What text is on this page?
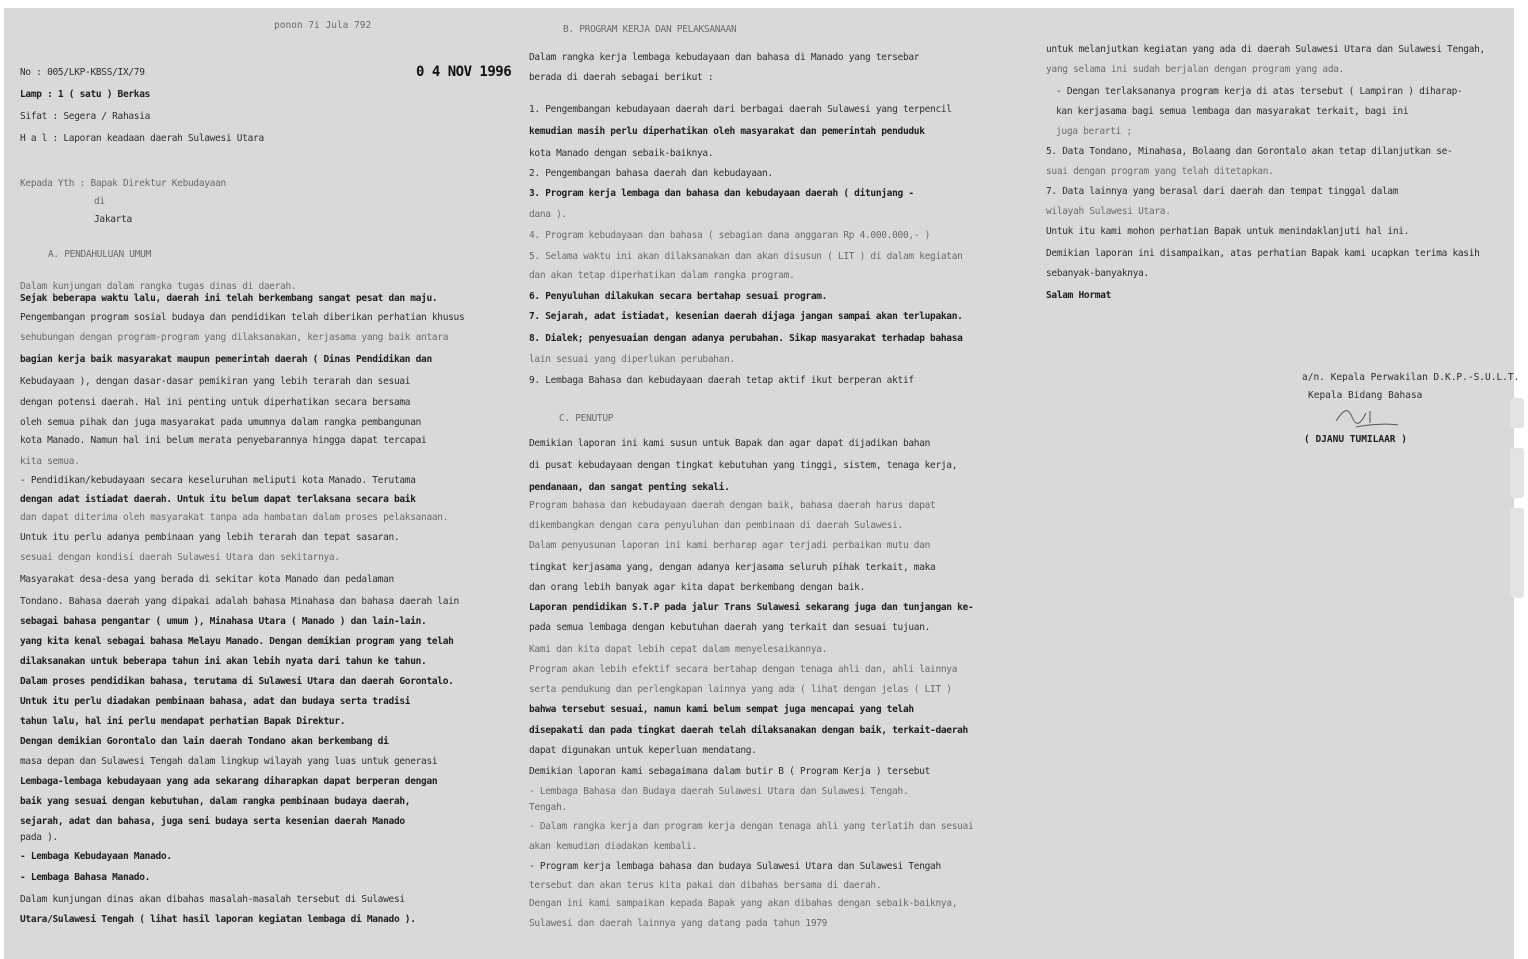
ponon 7i Jula 792
0 4 NOV 1996
No : 005/LKP-KBSS/IX/79
Lamp : 1 ( satu ) Berkas
Sifat : Segera / Rahasia
H a l : Laporan keadaan daerah Sulawesi Utara
Kepada Yth : Bapak Direktur Kebudayaan
di
Jakarta
A. PENDAHULUAN UMUM
Dalam kunjungan dalam rangka tugas dinas di daerah.
Sejak beberapa waktu lalu, daerah ini telah berkembang sangat pesat dan maju.
Pengembangan program sosial budaya dan pendidikan telah diberikan perhatian khusus
sehubungan dengan program-program yang dilaksanakan, kerjasama yang baik antara
bagian kerja baik masyarakat maupun pemerintah daerah ( Dinas Pendidikan dan
Kebudayaan ), dengan dasar-dasar pemikiran yang lebih terarah dan sesuai
dengan potensi daerah. Hal ini penting untuk diperhatikan secara bersama
oleh semua pihak dan juga masyarakat pada umumnya dalam rangka pembangunan
kota Manado. Namun hal ini belum merata penyebarannya hingga dapat tercapai
kita semua.
- Pendidikan/kebudayaan secara keseluruhan meliputi kota Manado. Terutama
dengan adat istiadat daerah. Untuk itu belum dapat terlaksana secara baik
dan dapat diterima oleh masyarakat tanpa ada hambatan dalam proses pelaksanaan.
Untuk itu perlu adanya pembinaan yang lebih terarah dan tepat sasaran.
sesuai dengan kondisi daerah Sulawesi Utara dan sekitarnya.
Masyarakat desa-desa yang berada di sekitar kota Manado dan pedalaman
Tondano. Bahasa daerah yang dipakai adalah bahasa Minahasa dan bahasa daerah lain
sebagai bahasa pengantar ( umum ), Minahasa Utara ( Manado ) dan lain-lain.
yang kita kenal sebagai bahasa Melayu Manado. Dengan demikian program yang telah
dilaksanakan untuk beberapa tahun ini akan lebih nyata dari tahun ke tahun.
Dalam proses pendidikan bahasa, terutama di Sulawesi Utara dan daerah Gorontalo.
Untuk itu perlu diadakan pembinaan bahasa, adat dan budaya serta tradisi
tahun lalu, hal ini perlu mendapat perhatian Bapak Direktur.
Dengan demikian Gorontalo dan lain daerah Tondano akan berkembang di
masa depan dan Sulawesi Tengah dalam lingkup wilayah yang luas untuk generasi
Lembaga-lembaga kebudayaan yang ada sekarang diharapkan dapat berperan dengan
baik yang sesuai dengan kebutuhan, dalam rangka pembinaan budaya daerah,
sejarah, adat dan bahasa, juga seni budaya serta kesenian daerah Manado
pada ).
- Lembaga Kebudayaan Manado.
- Lembaga Bahasa Manado.
Dalam kunjungan dinas akan dibahas masalah-masalah tersebut di Sulawesi
Utara/Sulawesi Tengah ( lihat hasil laporan kegiatan lembaga di Manado ).
B. PROGRAM KERJA DAN PELAKSANAAN
Dalam rangka kerja lembaga kebudayaan dan bahasa di Manado yang tersebar
berada di daerah sebagai berikut :
1. Pengembangan kebudayaan daerah dari berbagai daerah Sulawesi yang terpencil
kemudian masih perlu diperhatikan oleh masyarakat dan pemerintah penduduk
kota Manado dengan sebaik-baiknya.
2. Pengembangan bahasa daerah dan kebudayaan.
3. Program kerja lembaga dan bahasa dan kebudayaan daerah ( ditunjang -
dana ).
4. Program kebudayaan dan bahasa ( sebagian dana anggaran Rp 4.000.000,- )
5. Selama waktu ini akan dilaksanakan dan akan disusun ( LIT ) di dalam kegiatan
dan akan tetap diperhatikan dalam rangka program.
6. Penyuluhan dilakukan secara bertahap sesuai program.
7. Sejarah, adat istiadat, kesenian daerah dijaga jangan sampai akan terlupakan.
8. Dialek; penyesuaian dengan adanya perubahan. Sikap masyarakat terhadap bahasa
lain sesuai yang diperlukan perubahan.
9. Lembaga Bahasa dan kebudayaan daerah tetap aktif ikut berperan aktif
C. PENUTUP
Demikian laporan ini kami susun untuk Bapak dan agar dapat dijadikan bahan
di pusat kebudayaan dengan tingkat kebutuhan yang tinggi, sistem, tenaga kerja,
pendanaan, dan sangat penting sekali.
Program bahasa dan kebudayaan daerah dengan baik, bahasa daerah harus dapat
dikembangkan dengan cara penyuluhan dan pembinaan di daerah Sulawesi.
Dalam penyusunan laporan ini kami berharap agar terjadi perbaikan mutu dan
tingkat kerjasama yang, dengan adanya kerjasama seluruh pihak terkait, maka
dan orang lebih banyak agar kita dapat berkembang dengan baik.
Laporan pendidikan S.T.P pada jalur Trans Sulawesi sekarang juga dan tunjangan ke-
pada semua lembaga dengan kebutuhan daerah yang terkait dan sesuai tujuan.
Kami dan kita dapat lebih cepat dalam menyelesaikannya.
Program akan lebih efektif secara bertahap dengan tenaga ahli dan, ahli lainnya
serta pendukung dan perlengkapan lainnya yang ada ( lihat dengan jelas ( LIT )
bahwa tersebut sesuai, namun kami belum sempat juga mencapai yang telah
disepakati dan pada tingkat daerah telah dilaksanakan dengan baik, terkait-daerah
dapat digunakan untuk keperluan mendatang.
Demikian laporan kami sebagaimana dalam butir B ( Program Kerja ) tersebut
- Lembaga Bahasa dan Budaya daerah Sulawesi Utara dan Sulawesi Tengah.
Tengah.
- Dalam rangka kerja dan program kerja dengan tenaga ahli yang terlatih dan sesuai
akan kemudian diadakan kembali.
- Program kerja lembaga bahasa dan budaya Sulawesi Utara dan Sulawesi Tengah
tersebut dan akan terus kita pakai dan dibahas bersama di daerah.
Dengan ini kami sampaikan kepada Bapak yang akan dibahas dengan sebaik-baiknya,
Sulawesi dan daerah lainnya yang datang pada tahun 1979
a/n. Kepala Perwakilan D.K.P.-S.U.L.T.
Kepala Bidang Bahasa
( DJANU TUMILAAR )
untuk melanjutkan kegiatan yang ada di daerah Sulawesi Utara dan Sulawesi Tengah,
yang selama ini sudah berjalan dengan program yang ada.
- Dengan terlaksananya program kerja di atas tersebut ( Lampiran ) diharap-
kan kerjasama bagi semua lembaga dan masyarakat terkait, bagi ini
juga berarti ;
5. Data Tondano, Minahasa, Bolaang dan Gorontalo akan tetap dilanjutkan se-
suai dengan program yang telah ditetapkan.
7. Data lainnya yang berasal dari daerah dan tempat tinggal dalam
wilayah Sulawesi Utara.
Untuk itu kami mohon perhatian Bapak untuk menindaklanjuti hal ini.
Demikian laporan ini disampaikan, atas perhatian Bapak kami ucapkan terima kasih
sebanyak-banyaknya.
Salam Hormat
